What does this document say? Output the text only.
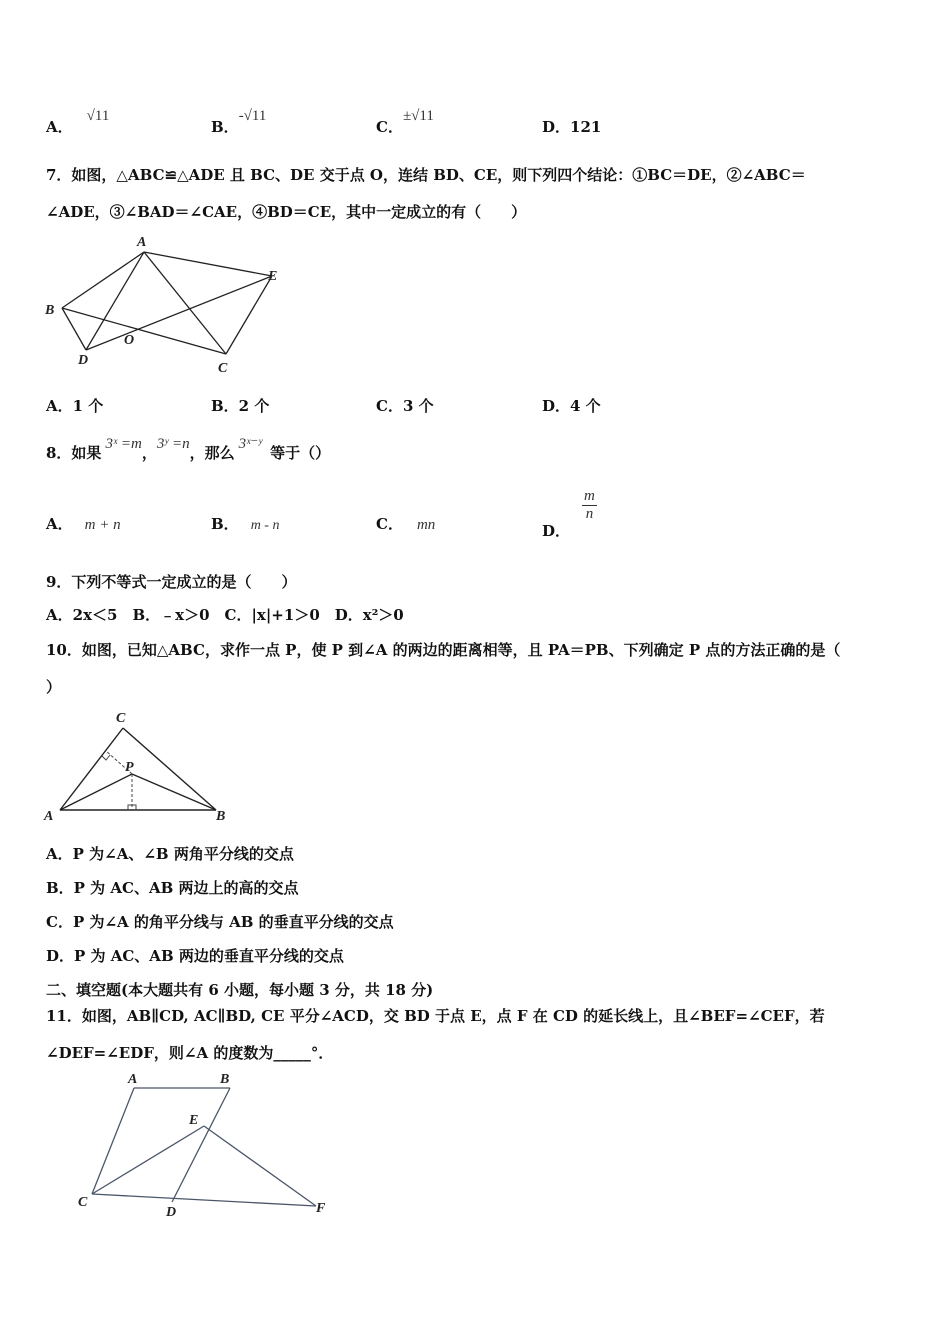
A．√11
B．-√11
C．±√11
D．121
7．如图，△ABC≌△ADE 且 BC、DE 交于点 O，连结 BD、CE，则下列四个结论：①BC＝DE，②∠ABC＝
∠ADE，③∠BAD＝∠CAE，④BD＝CE，其中一定成立的有（　　）
A
B
D
O
C
E
A．1 个	B．2 个	C．3 个	D．4 个
8．如果 3ˣ =m，3ʸ =n，那么 3ˣ⁻ʸ 等于（）
A． m + n	B． m - n	C． mn	D．
$\frac{m}{n}$
9．下列不等式一定成立的是（　　）
A．2x＜5　B．﹣x＞0　C．|x|+1＞0　D．x²＞0
10．如图，已知△ABC，求作一点 P，使 P 到∠A 的两边的距离相等，且 PA＝PB、下列确定 P 点的方法正确的是（
）
C
P
A	B
A．P 为∠A、∠B 两角平分线的交点
B．P 为 AC、AB 两边上的高的交点
C．P 为∠A 的角平分线与 AB 的垂直平分线的交点
D．P 为 AC、AB 两边的垂直平分线的交点
二、填空题(本大题共有 6 小题，每小题 3 分，共 18 分)
11．如图，AB∥CD, AC∥BD, CE 平分∠ACD，交 BD 于点 E，点 F 在 CD 的延长线上，且∠BEF=∠CEF，若
∠DEF=∠EDF，则∠A 的度数为_____°．
A	B
E
C
D	F
